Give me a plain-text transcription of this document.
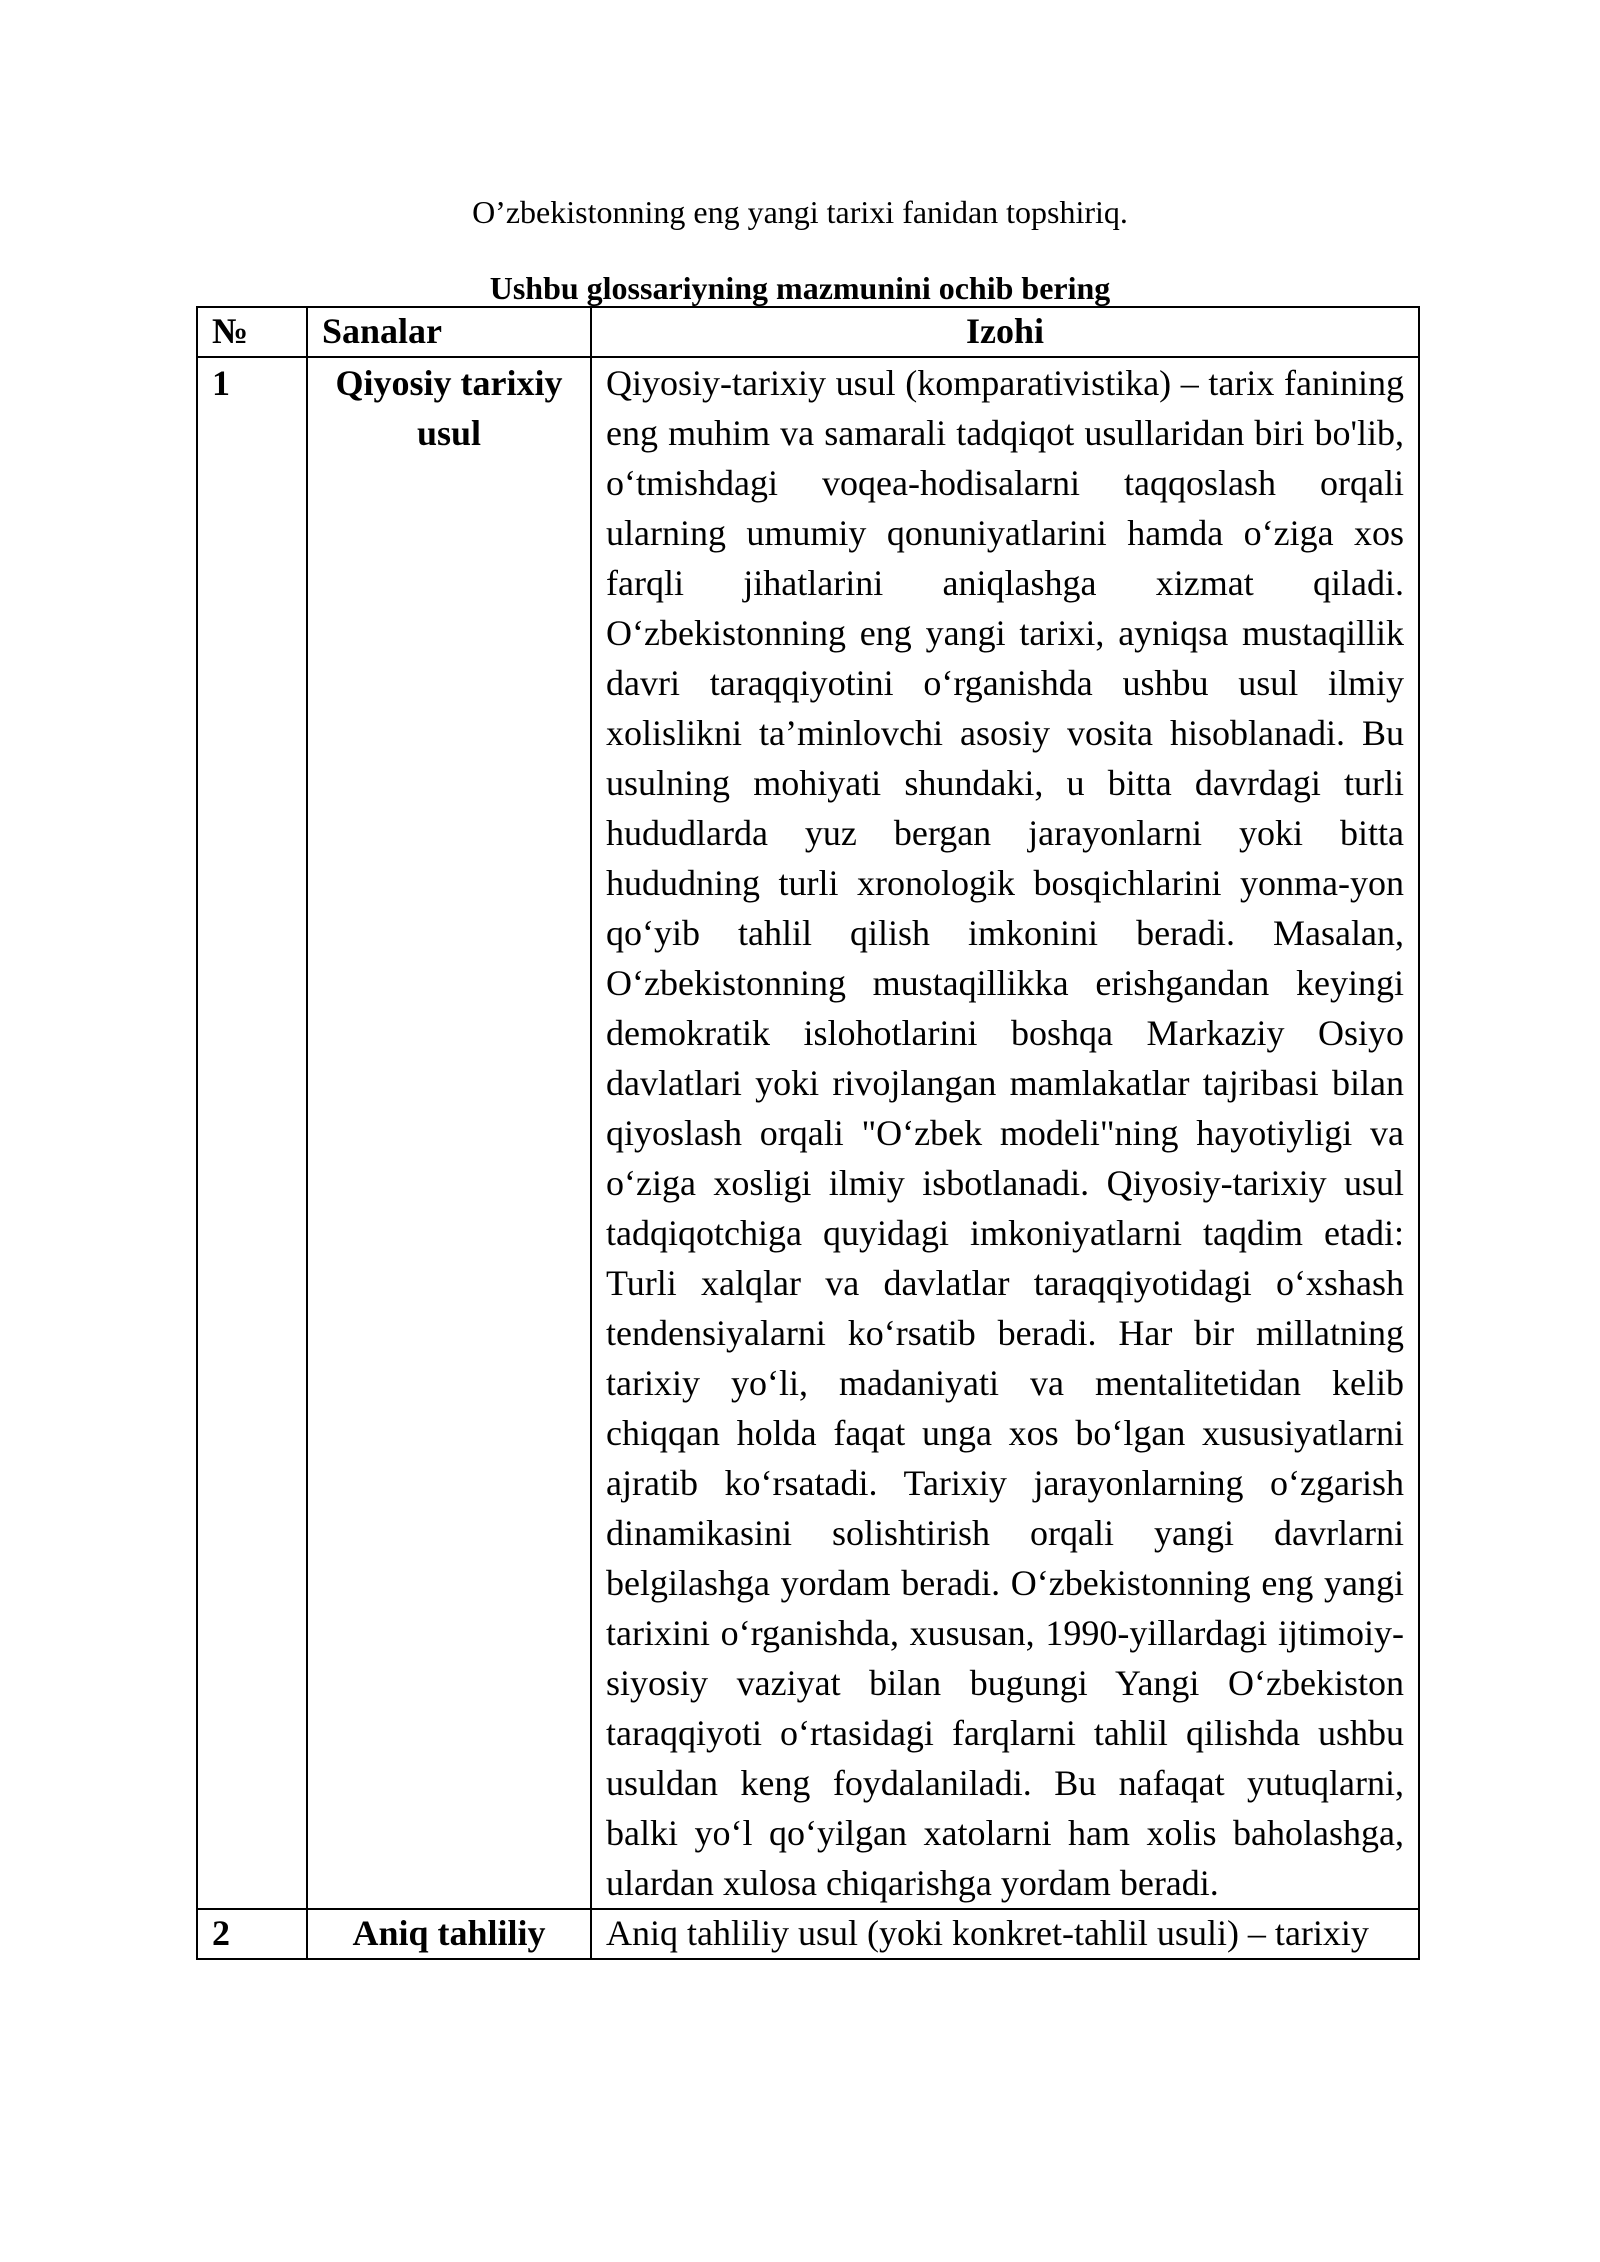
O’zbekistonning eng yangi tarixi fanidan topshiriq.

Ushbu glossariyning mazmunini ochib bering

№	Sanalar	Izohi
1	Qiyosiy tarixiy usul	Qiyosiy-tarixiy usul (komparativistika) – tarix fanining eng muhim va samarali tadqiqot usullaridan biri bo'lib, o‘tmishdagi voqea-hodisalarni taqqoslash orqali ularning umumiy qonuniyatlarini hamda o‘ziga xos farqli jihatlarini aniqlashga xizmat qiladi. O‘zbekistonning eng yangi tarixi, ayniqsa mustaqillik davri taraqqiyotini o‘rganishda ushbu usul ilmiy xolislikni ta’minlovchi asosiy vosita hisoblanadi. Bu usulning mohiyati shundaki, u bitta davrdagi turli hududlarda yuz bergan jarayonlarni yoki bitta hududning turli xronologik bosqichlarini yonma-yon qo‘yib tahlil qilish imkonini beradi. Masalan, O‘zbekistonning mustaqillikka erishgandan keyingi demokratik islohotlarini boshqa Markaziy Osiyo davlatlari yoki rivojlangan mamlakatlar tajribasi bilan qiyoslash orqali "O‘zbek modeli"ning hayotiyligi va o‘ziga xosligi ilmiy isbotlanadi. Qiyosiy-tarixiy usul tadqiqotchiga quyidagi imkoniyatlarni taqdim etadi: Turli xalqlar va davlatlar taraqqiyotidagi o‘xshash tendensiyalarni ko‘rsatib beradi. Har bir millatning tarixiy yo‘li, madaniyati va mentalitetidan kelib chiqqan holda faqat unga xos bo‘lgan xususiyatlarni ajratib ko‘rsatadi. Tarixiy jarayonlarning o‘zgarish dinamikasini solishtirish orqali yangi davrlarni belgilashga yordam beradi. O‘zbekistonning eng yangi tarixini o‘rganishda, xususan, 1990-yillardagi ijtimoiy-siyosiy vaziyat bilan bugungi Yangi O‘zbekiston taraqqiyoti o‘rtasidagi farqlarni tahlil qilishda ushbu usuldan keng foydalaniladi. Bu nafaqat yutuqlarni, balki yo‘l qo‘yilgan xatolarni ham xolis baholashga, ulardan xulosa chiqarishga yordam beradi.
2	Aniq tahliliy	Aniq tahliliy usul (yoki konkret-tahlil usuli) – tarixiy
